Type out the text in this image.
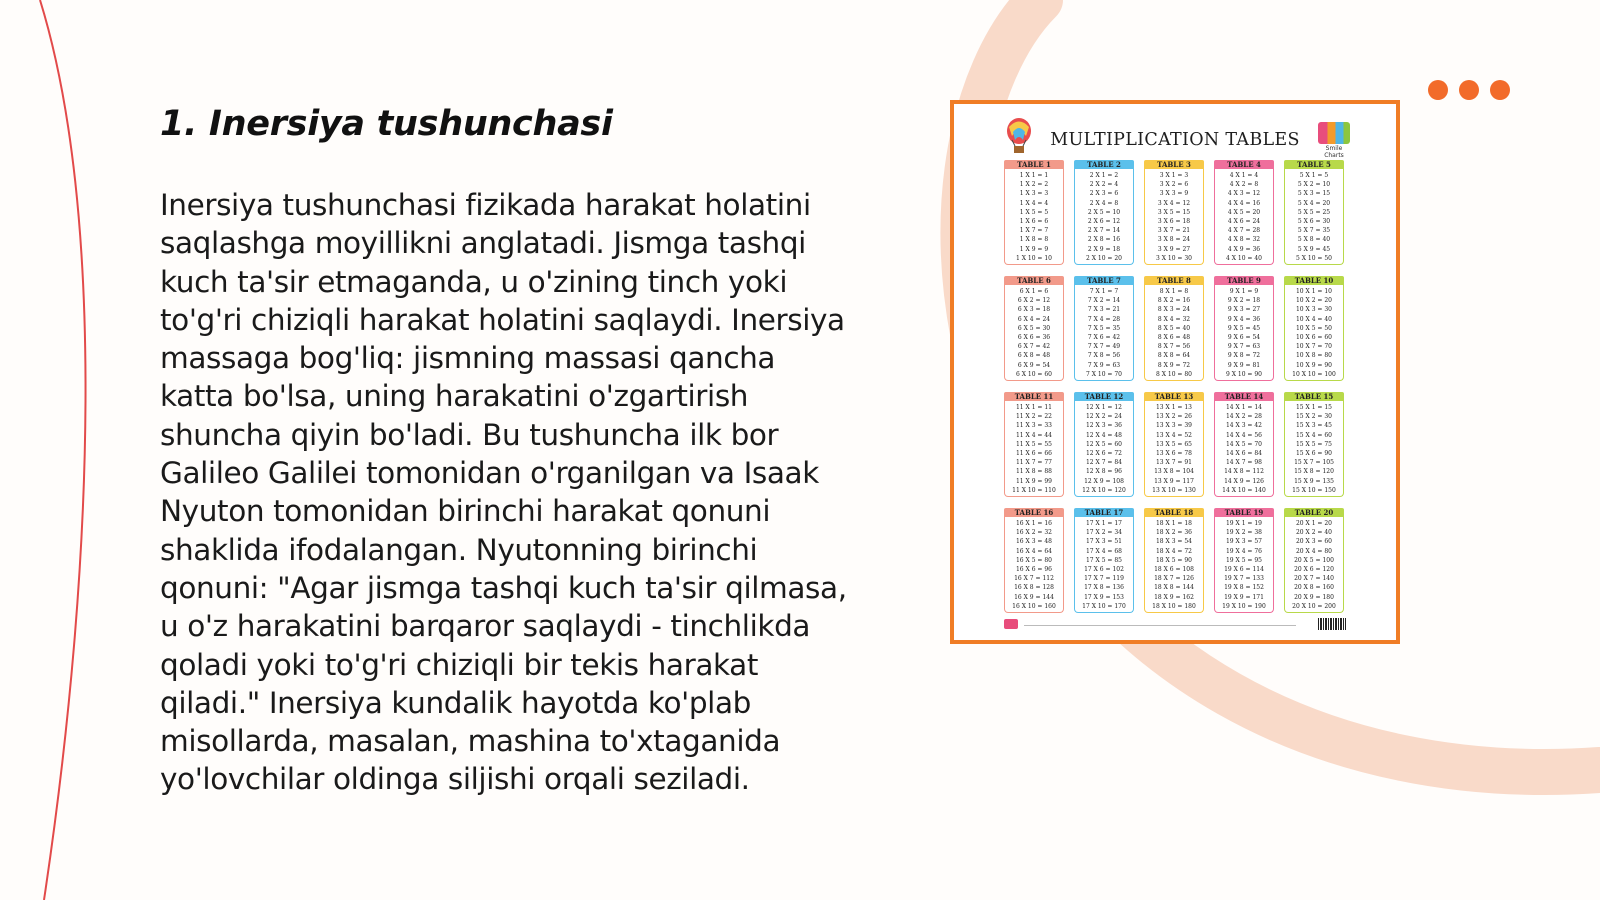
1. Inersiya tushunchasi

Inersiya tushunchasi fizikada harakat holatini saqlashga moyillikni anglatadi. Jismga tashqi kuch ta'sir etmaganda, u o'zining tinch yoki to'g'ri chiziqli harakat holatini saqlaydi. Inersiya massaga bog'liq: jismning massasi qancha katta bo'lsa, uning harakatini o'zgartirish shuncha qiyin bo'ladi. Bu tushuncha ilk bor Galileo Galilei tomonidan o'rganilgan va Isaak Nyuton tomonidan birinchi harakat qonuni shaklida ifodalangan. Nyutonning birinchi qonuni: "Agar jismga tashqi kuch ta'sir qilmasa, u o'z harakatini barqaror saqlaydi - tinchlikda qoladi yoki to'g'ri chiziqli bir tekis harakat qiladi." Inersiya kundalik hayotda ko'plab misollarda, masalan, mashina to'xtaganida yo'lovchilar oldinga siljishi orqali seziladi.

MULTIPLICATION TABLES	Smile Charts
TABLE 1
1 X 1 = 1
1 X 2 = 2
1 X 3 = 3
1 X 4 = 4
1 X 5 = 5
1 X 6 = 6
1 X 7 = 7
1 X 8 = 8
1 X 9 = 9
1 X 10 = 10
TABLE 2
2 X 1 = 2
2 X 2 = 4
2 X 3 = 6
2 X 4 = 8
2 X 5 = 10
2 X 6 = 12
2 X 7 = 14
2 X 8 = 16
2 X 9 = 18
2 X 10 = 20
TABLE 3
3 X 1 = 3
3 X 2 = 6
3 X 3 = 9
3 X 4 = 12
3 X 5 = 15
3 X 6 = 18
3 X 7 = 21
3 X 8 = 24
3 X 9 = 27
3 X 10 = 30
TABLE 4
4 X 1 = 4
4 X 2 = 8
4 X 3 = 12
4 X 4 = 16
4 X 5 = 20
4 X 6 = 24
4 X 7 = 28
4 X 8 = 32
4 X 9 = 36
4 X 10 = 40
TABLE 5
5 X 1 = 5
5 X 2 = 10
5 X 3 = 15
5 X 4 = 20
5 X 5 = 25
5 X 6 = 30
5 X 7 = 35
5 X 8 = 40
5 X 9 = 45
5 X 10 = 50
TABLE 6
6 X 1 = 6
6 X 2 = 12
6 X 3 = 18
6 X 4 = 24
6 X 5 = 30
6 X 6 = 36
6 X 7 = 42
6 X 8 = 48
6 X 9 = 54
6 X 10 = 60
TABLE 7
7 X 1 = 7
7 X 2 = 14
7 X 3 = 21
7 X 4 = 28
7 X 5 = 35
7 X 6 = 42
7 X 7 = 49
7 X 8 = 56
7 X 9 = 63
7 X 10 = 70
TABLE 8
8 X 1 = 8
8 X 2 = 16
8 X 3 = 24
8 X 4 = 32
8 X 5 = 40
8 X 6 = 48
8 X 7 = 56
8 X 8 = 64
8 X 9 = 72
8 X 10 = 80
TABLE 9
9 X 1 = 9
9 X 2 = 18
9 X 3 = 27
9 X 4 = 36
9 X 5 = 45
9 X 6 = 54
9 X 7 = 63
9 X 8 = 72
9 X 9 = 81
9 X 10 = 90
TABLE 10
10 X 1 = 10
10 X 2 = 20
10 X 3 = 30
10 X 4 = 40
10 X 5 = 50
10 X 6 = 60
10 X 7 = 70
10 X 8 = 80
10 X 9 = 90
10 X 10 = 100
TABLE 11
11 X 1 = 11
11 X 2 = 22
11 X 3 = 33
11 X 4 = 44
11 X 5 = 55
11 X 6 = 66
11 X 7 = 77
11 X 8 = 88
11 X 9 = 99
11 X 10 = 110
TABLE 12
12 X 1 = 12
12 X 2 = 24
12 X 3 = 36
12 X 4 = 48
12 X 5 = 60
12 X 6 = 72
12 X 7 = 84
12 X 8 = 96
12 X 9 = 108
12 X 10 = 120
TABLE 13
13 X 1 = 13
13 X 2 = 26
13 X 3 = 39
13 X 4 = 52
13 X 5 = 65
13 X 6 = 78
13 X 7 = 91
13 X 8 = 104
13 X 9 = 117
13 X 10 = 130
TABLE 14
14 X 1 = 14
14 X 2 = 28
14 X 3 = 42
14 X 4 = 56
14 X 5 = 70
14 X 6 = 84
14 X 7 = 98
14 X 8 = 112
14 X 9 = 126
14 X 10 = 140
TABLE 15
15 X 1 = 15
15 X 2 = 30
15 X 3 = 45
15 X 4 = 60
15 X 5 = 75
15 X 6 = 90
15 X 7 = 105
15 X 8 = 120
15 X 9 = 135
15 X 10 = 150
TABLE 16
16 X 1 = 16
16 X 2 = 32
16 X 3 = 48
16 X 4 = 64
16 X 5 = 80
16 X 6 = 96
16 X 7 = 112
16 X 8 = 128
16 X 9 = 144
16 X 10 = 160
TABLE 17
17 X 1 = 17
17 X 2 = 34
17 X 3 = 51
17 X 4 = 68
17 X 5 = 85
17 X 6 = 102
17 X 7 = 119
17 X 8 = 136
17 X 9 = 153
17 X 10 = 170
TABLE 18
18 X 1 = 18
18 X 2 = 36
18 X 3 = 54
18 X 4 = 72
18 X 5 = 90
18 X 6 = 108
18 X 7 = 126
18 X 8 = 144
18 X 9 = 162
18 X 10 = 180
TABLE 19
19 X 1 = 19
19 X 2 = 38
19 X 3 = 57
19 X 4 = 76
19 X 5 = 95
19 X 6 = 114
19 X 7 = 133
19 X 8 = 152
19 X 9 = 171
19 X 10 = 190
TABLE 20
20 X 1 = 20
20 X 2 = 40
20 X 3 = 60
20 X 4 = 80
20 X 5 = 100
20 X 6 = 120
20 X 7 = 140
20 X 8 = 160
20 X 9 = 180
20 X 10 = 200
